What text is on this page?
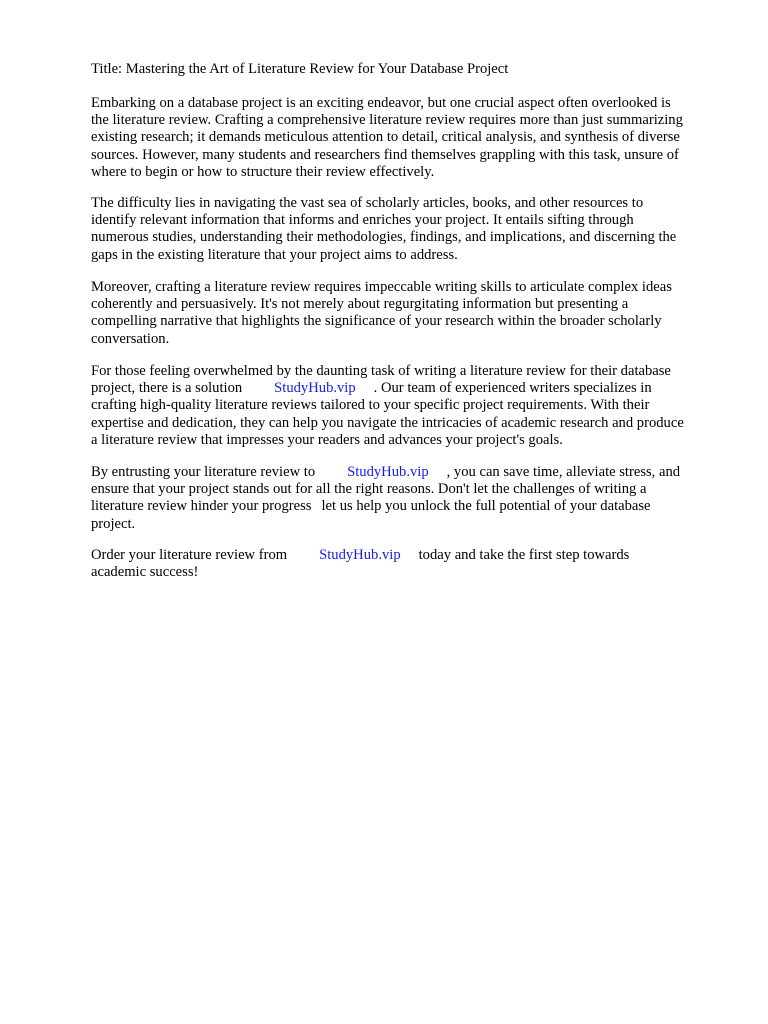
Title: Mastering the Art of Literature Review for Your Database Project

Embarking on a database project is an exciting endeavor, but one crucial aspect often overlooked is
the literature review. Crafting a comprehensive literature review requires more than just summarizing
existing research; it demands meticulous attention to detail, critical analysis, and synthesis of diverse
sources. However, many students and researchers find themselves grappling with this task, unsure of
where to begin or how to structure their review effectively.

The difficulty lies in navigating the vast sea of scholarly articles, books, and other resources to
identify relevant information that informs and enriches your project. It entails sifting through
numerous studies, understanding their methodologies, findings, and implications, and discerning the
gaps in the existing literature that your project aims to address.

Moreover, crafting a literature review requires impeccable writing skills to articulate complex ideas
coherently and persuasively. It's not merely about regurgitating information but presenting a
compelling narrative that highlights the significance of your research within the broader scholarly
conversation.

For those feeling overwhelmed by the daunting task of writing a literature review for their database
project, there is a solution StudyHub.vip . Our team of experienced writers specializes in
crafting high-quality literature reviews tailored to your specific project requirements. With their
expertise and dedication, they can help you navigate the intricacies of academic research and produce
a literature review that impresses your readers and advances your project's goals.

By entrusting your literature review to StudyHub.vip , you can save time, alleviate stress, and
ensure that your project stands out for all the right reasons. Don't let the challenges of writing a
literature review hinder your progress let us help you unlock the full potential of your database
project.

Order your literature review from StudyHub.vip today and take the first step towards
academic success!
